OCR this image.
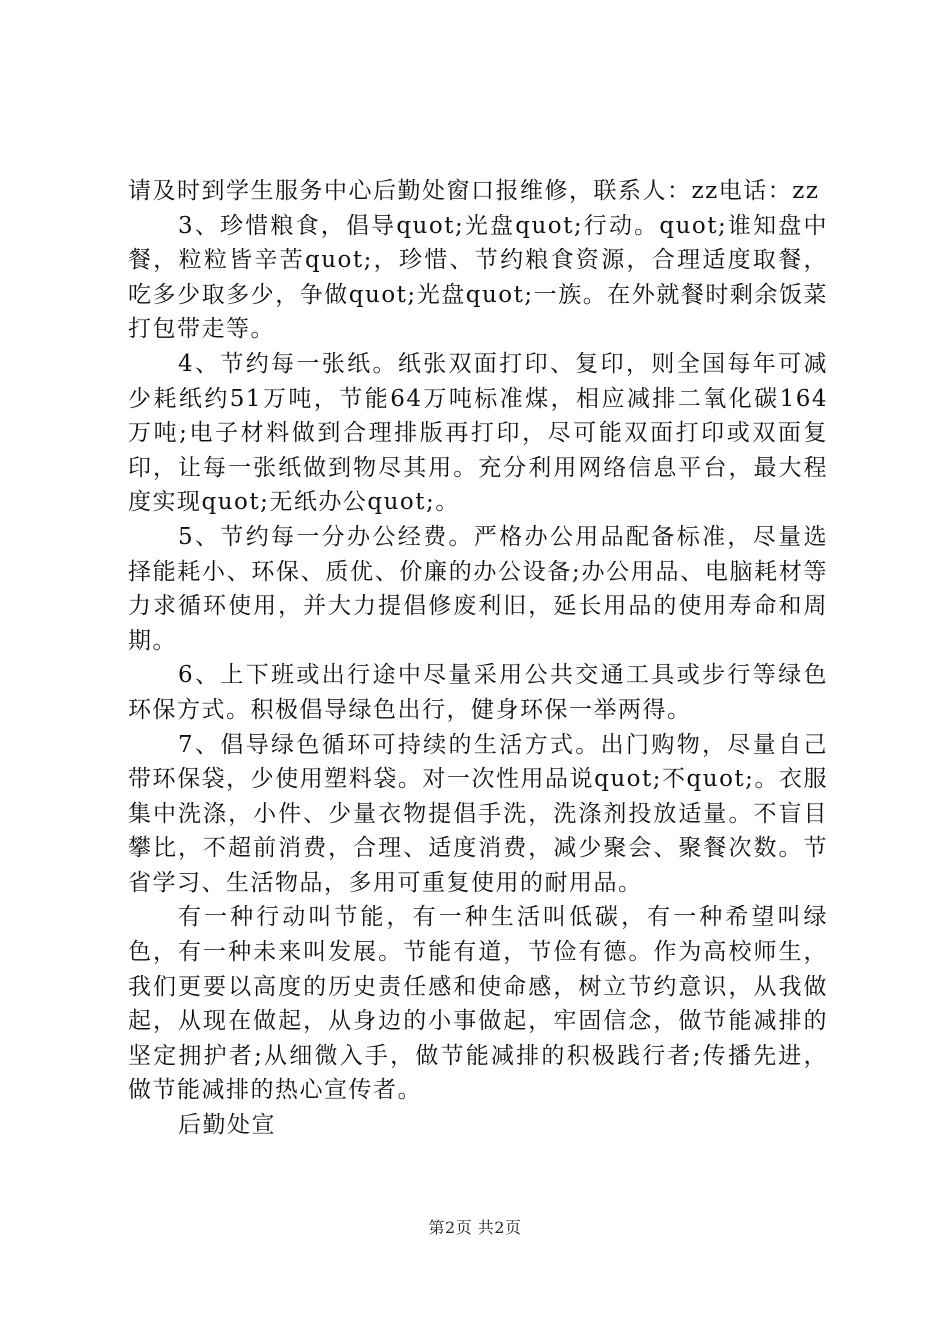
请及时到学生服务中心后勤处窗口报维修，联系人：zz电话：zz

3、珍惜粮食，倡导quot;光盘quot;行动。quot;谁知盘中餐，粒粒皆辛苦quot;，珍惜、节约粮食资源，合理适度取餐，吃多少取多少，争做quot;光盘quot;一族。在外就餐时剩余饭菜打包带走等。

4、节约每一张纸。纸张双面打印、复印，则全国每年可减少耗纸约51万吨，节能64万吨标准煤，相应减排二氧化碳164万吨;电子材料做到合理排版再打印，尽可能双面打印或双面复印，让每一张纸做到物尽其用。充分利用网络信息平台，最大程度实现quot;无纸办公quot;。

5、节约每一分办公经费。严格办公用品配备标准，尽量选择能耗小、环保、质优、价廉的办公设备;办公用品、电脑耗材等力求循环使用，并大力提倡修废利旧，延长用品的使用寿命和周期。

6、上下班或出行途中尽量采用公共交通工具或步行等绿色环保方式。积极倡导绿色出行，健身环保一举两得。

7、倡导绿色循环可持续的生活方式。出门购物，尽量自己带环保袋，少使用塑料袋。对一次性用品说quot;不quot;。衣服集中洗涤，小件、少量衣物提倡手洗，洗涤剂投放适量。不盲目攀比，不超前消费，合理、适度消费，减少聚会、聚餐次数。节省学习、生活物品，多用可重复使用的耐用品。

有一种行动叫节能，有一种生活叫低碳，有一种希望叫绿色，有一种未来叫发展。节能有道，节俭有德。作为高校师生，我们更要以高度的历史责任感和使命感，树立节约意识，从我做起，从现在做起，从身边的小事做起，牢固信念，做节能减排的坚定拥护者;从细微入手，做节能减排的积极践行者;传播先进，做节能减排的热心宣传者。

后勤处宣

第2页 共2页
